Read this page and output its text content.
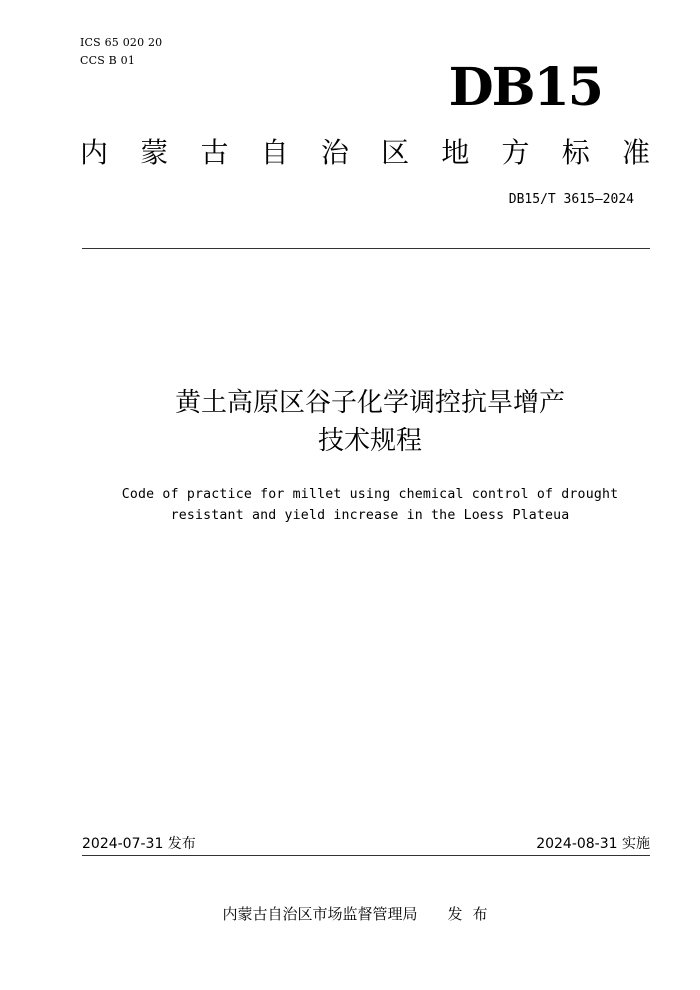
ICS 65 020 20
CCS B 01	DB15
内 蒙 古 自 治 区 地 方 标 准
DB15/T 3615—2024
黄土高原区谷子化学调控抗旱增产
技术规程
Code of practice for millet using chemical control of drought
resistant and yield increase in the Loess Plateua
2024-07-31 发布	2024-08-31 实施
内蒙古自治区市场监督管理局 发布
